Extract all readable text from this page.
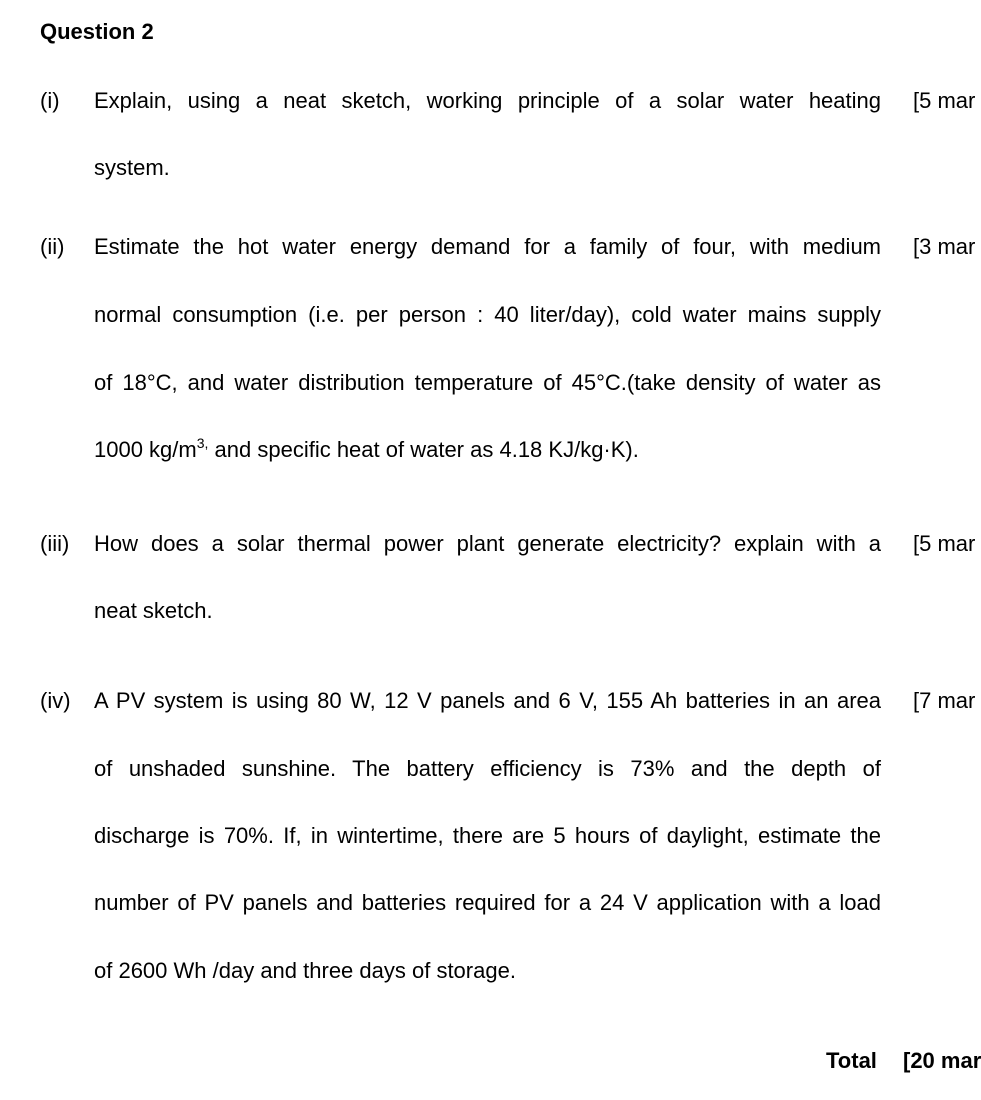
Question 2
(i) Explain, using a neat sketch, working principle of a solar water heating [5 mar
system.
(ii) Estimate the hot water energy demand for a family of four, with medium [3 mar
normal consumption (i.e. per person : 40 liter/day), cold water mains supply
of 18°C, and water distribution temperature of 45°C.(take density of water as
1000 $kg/m^{3,}$ and specific heat of water as 4.18 KJ/kg·K).
(iii) How does a solar thermal power plant generate electricity? explain with a [5 mar
neat sketch.
(iv) A PV system is using 80 W, 12 V panels and 6 V, 155 Ah batteries in an area [7 mar
of unshaded sunshine. The battery efficiency is 73% and the depth of
discharge is 70%. If, in wintertime, there are 5 hours of daylight, estimate the
number of PV panels and batteries required for a 24 V application with a load
of 2600 Wh /day and three days of storage.
Total [20 mar
